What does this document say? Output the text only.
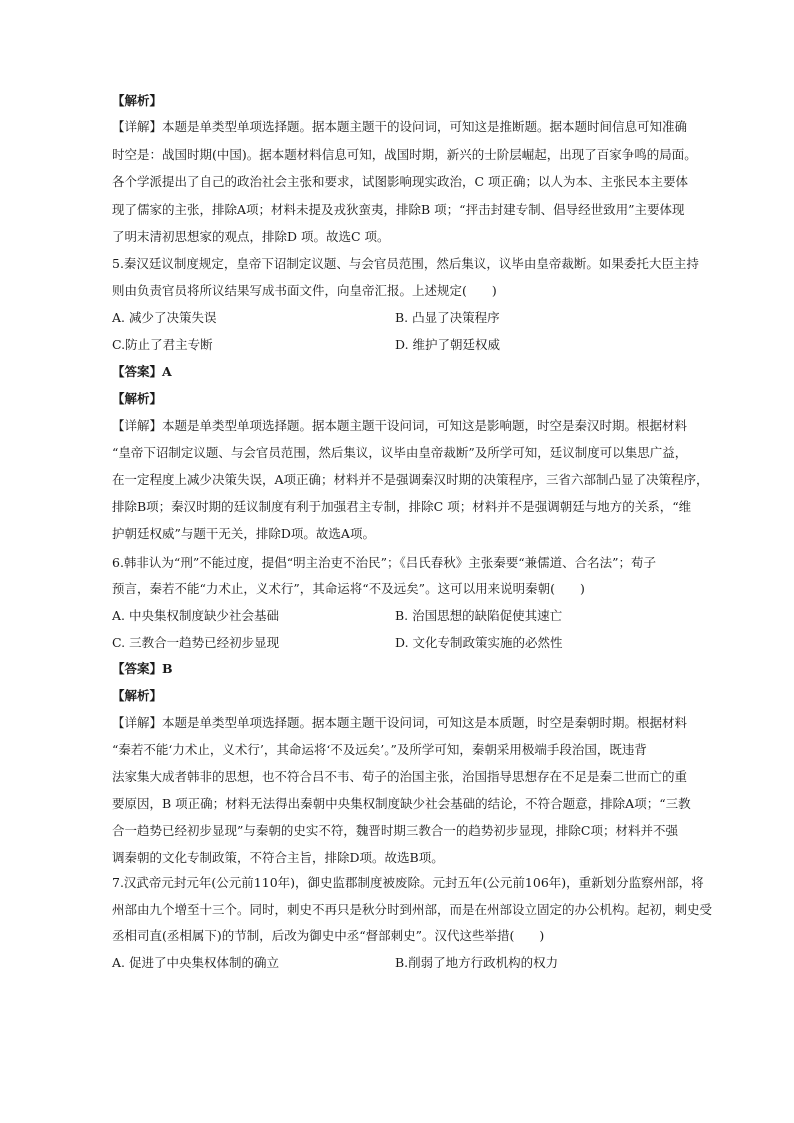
【解析】
【详解】本题是单类型单项选择题。据本题主题干的设问词，可知这是推断题。据本题时间信息可知准确
时空是：战国时期(中国)。据本题材料信息可知，战国时期，新兴的士阶层崛起，出现了百家争鸣的局面。
各个学派提出了自己的政治社会主张和要求，试图影响现实政治，C 项正确；以人为本、主张民本主要体
现了儒家的主张，排除A项；材料未提及戎狄蛮夷，排除B 项；“抨击封建专制、倡导经世致用”主要体现
了明末清初思想家的观点，排除D 项。故选C 项。
5.秦汉廷议制度规定，皇帝下诏制定议题、与会官员范围，然后集议，议毕由皇帝裁断。如果委托大臣主持
则由负责官员将所议结果写成书面文件，向皇帝汇报。上述规定(　　)
A. 减少了决策失误	B. 凸显了决策程序
C.防止了君主专断	D. 维护了朝廷权威
【答案】A
【解析】
【详解】本题是单类型单项选择题。据本题主题干设问词，可知这是影响题，时空是秦汉时期。根据材料
“皇帝下诏制定议题、与会官员范围，然后集议，议毕由皇帝裁断”及所学可知，廷议制度可以集思广益，
在一定程度上减少决策失误，A项正确；材料并不是强调秦汉时期的决策程序，三省六部制凸显了决策程序，
排除B项；秦汉时期的廷议制度有利于加强君主专制，排除C 项；材料并不是强调朝廷与地方的关系，“维
护朝廷权威”与题干无关，排除D项。故选A项。
6.韩非认为“刑”不能过度，提倡“明主治吏不治民”；《吕氏春秋》主张秦要“兼儒道、合名法”；荀子
预言，秦若不能“力术止，义术行”，其命运将“不及远矣”。这可以用来说明秦朝(　　)
A. 中央集权制度缺少社会基础	B. 治国思想的缺陷促使其速亡
C. 三教合一趋势已经初步显现	D. 文化专制政策实施的必然性
【答案】B
【解析】
【详解】本题是单类型单项选择题。据本题主题干设问词，可知这是本质题，时空是秦朝时期。根据材料
“秦若不能‘力术止，义术行’，其命运将‘不及远矣’。”及所学可知，秦朝采用极端手段治国，既违背
法家集大成者韩非的思想，也不符合吕不韦、荀子的治国主张，治国指导思想存在不足是秦二世而亡的重
要原因，B 项正确；材料无法得出秦朝中央集权制度缺少社会基础的结论，不符合题意，排除A项；“三教
合一趋势已经初步显现”与秦朝的史实不符，魏晋时期三教合一的趋势初步显现，排除C项；材料并不强
调秦朝的文化专制政策，不符合主旨，排除D项。故选B项。
7.汉武帝元封元年(公元前110年)，御史监郡制度被废除。元封五年(公元前106年)，重新划分监察州部，将
州部由九个增至十三个。同时，刺史不再只是秋分时到州部，而是在州部设立固定的办公机构。起初，刺史受
丞相司直(丞相属下)的节制，后改为御史中丞“督部刺史”。汉代这些举措(　　)
A. 促进了中央集权体制的确立	B.削弱了地方行政机构的权力
